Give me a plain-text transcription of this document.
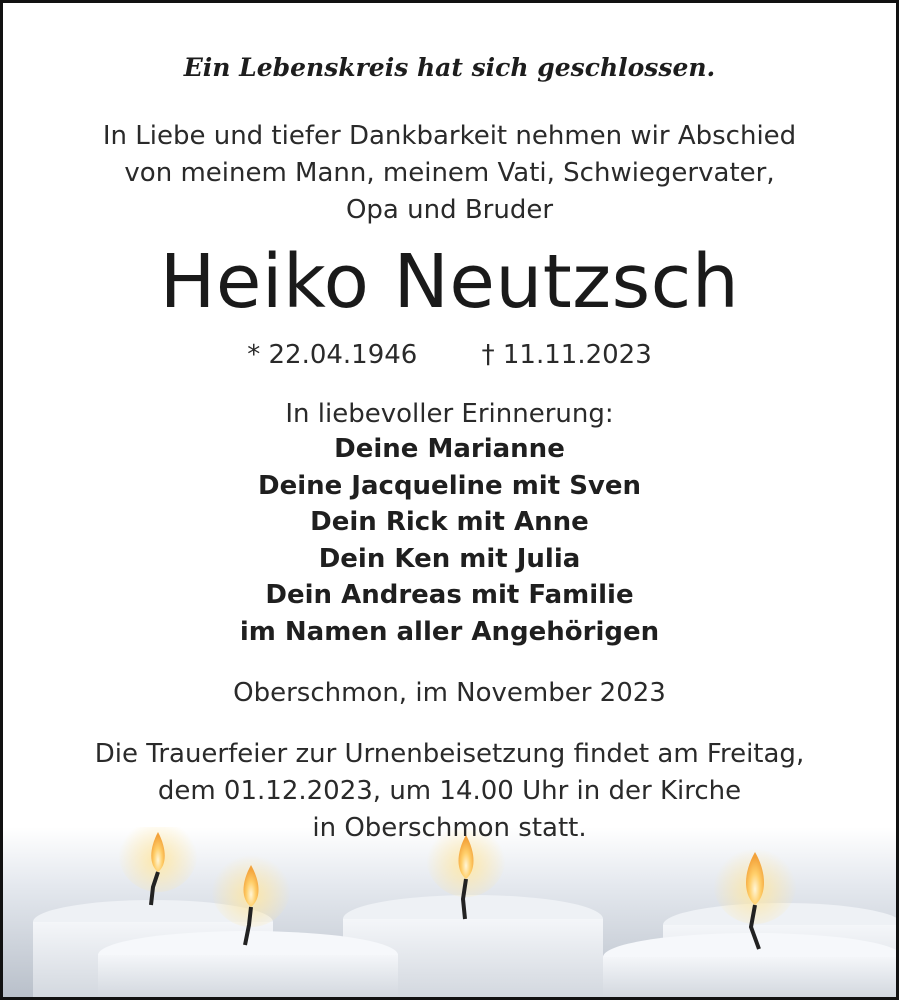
Ein Lebenskreis hat sich geschlossen.
In Liebe und tiefer Dankbarkeit nehmen wir Abschied
von meinem Mann, meinem Vati, Schwiegervater,
Opa und Bruder
Heiko Neutzsch
* 22.04.1946 † 11.11.2023
In liebevoller Erinnerung:
Deine Marianne
Deine Jacqueline mit Sven
Dein Rick mit Anne
Dein Ken mit Julia
Dein Andreas mit Familie
im Namen aller Angehörigen
Oberschmon, im November 2023
Die Trauerfeier zur Urnenbeisetzung findet am Freitag,
dem 01.12.2023, um 14.00 Uhr in der Kirche
in Oberschmon statt.
